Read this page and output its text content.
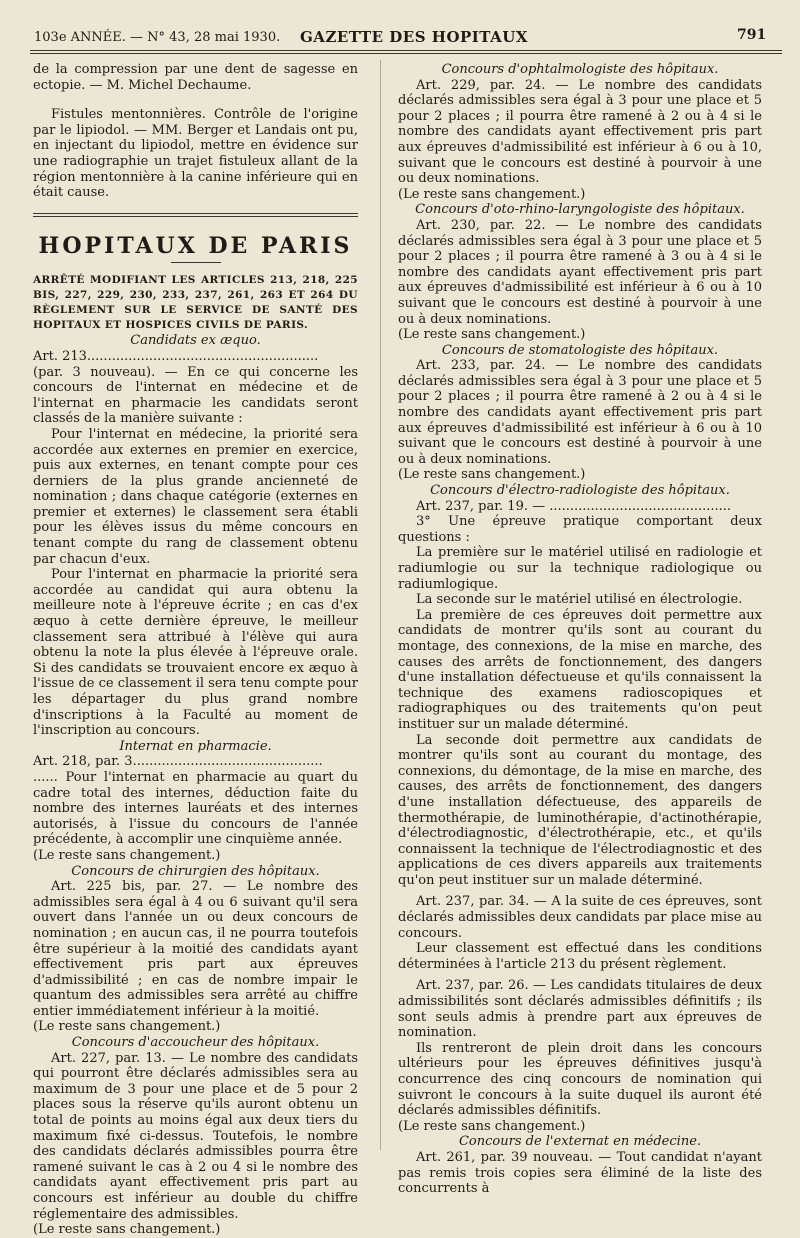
103e ANNÉE. — N° 43, 28 mai 1930. GAZETTE DES HOPITAUX	791

de la compression par une dent de sagesse en ectopie. — M. Michel Dechaume.

Fistules mentonnières. Contrôle de l'origine par le lipiodol. — MM. Berger et Landais ont pu, en injectant du lipiodol, mettre en évidence sur une radiographie un trajet fistuleux allant de la région mentonnière à la canine inférieure qui en était cause.

HOPITAUX DE PARIS

ARRÊTÉ MODIFIANT LES ARTICLES 213, 218, 225 BIS, 227, 229, 230, 233, 237, 261, 263 ET 264 DU RÈGLEMENT SUR LE SERVICE DE SANTÉ DES HOPITAUX ET HOSPICES CIVILS DE PARIS.

Candidats ex æquo.

Art. 213........................................................

(par. 3 nouveau). — En ce qui concerne les concours de l'internat en médecine et de l'internat en pharmacie les candidats seront classés de la manière suivante :

Pour l'internat en médecine, la priorité sera accordée aux externes en premier en exercice, puis aux externes, en tenant compte pour ces derniers de la plus grande ancienneté de nomination ; dans chaque catégorie (externes en premier et externes) le classement sera établi pour les élèves issus du même concours en tenant compte du rang de classement obtenu par chacun d'eux.

Pour l'internat en pharmacie la priorité sera accordée au candidat qui aura obtenu la meilleure note à l'épreuve écrite ; en cas d'ex æquo à cette dernière épreuve, le meilleur classement sera attribué à l'élève qui aura obtenu la note la plus élevée à l'épreuve orale. Si des candidats se trouvaient encore ex æquo à l'issue de ce classement il sera tenu compte pour les départager du plus grand nombre d'inscriptions à la Faculté au moment de l'inscription au concours.

Internat en pharmacie.

Art. 218, par. 3..............................................

...... Pour l'internat en pharmacie au quart du cadre total des internes, déduction faite du nombre des internes lauréats et des internes autorisés, à l'issue du concours de l'année précédente, à accomplir une cinquième année.

(Le reste sans changement.)

Concours de chirurgien des hôpitaux.

Art. 225 bis, par. 27. — Le nombre des admissibles sera égal à 4 ou 6 suivant qu'il sera ouvert dans l'année un ou deux concours de nomination ; en aucun cas, il ne pourra toutefois être supérieur à la moitié des candidats ayant effectivement pris part aux épreuves d'admissibilité ; en cas de nombre impair le quantum des admissibles sera arrêté au chiffre entier immédiatement inférieur à la moitié.

(Le reste sans changement.)

Concours d'accoucheur des hôpitaux.

Art. 227, par. 13. — Le nombre des candidats qui pourront être déclarés admissibles sera au maximum de 3 pour une place et de 5 pour 2 places sous la réserve qu'ils auront obtenu un total de points au moins égal aux deux tiers du maximum fixé ci-dessus. Toutefois, le nombre des candidats déclarés admissibles pourra être ramené suivant le cas à 2 ou 4 si le nombre des candidats ayant effectivement pris part au concours est inférieur au double du chiffre réglementaire des admissibles.

(Le reste sans changement.)

Concours d'ophtalmologiste des hôpitaux.

Art. 229, par. 24. — Le nombre des candidats déclarés admissibles sera égal à 3 pour une place et 5 pour 2 places ; il pourra être ramené à 2 ou à 4 si le nombre des candidats ayant effectivement pris part aux épreuves d'admissibilité est inférieur à 6 ou à 10, suivant que le concours est destiné à pourvoir à une ou deux nominations.

(Le reste sans changement.)

Concours d'oto-rhino-laryngologiste des hôpitaux.

Art. 230, par. 22. — Le nombre des candidats déclarés admissibles sera égal à 3 pour une place et 5 pour 2 places ; il pourra être ramené à 3 ou à 4 si le nombre des candidats ayant effectivement pris part aux épreuves d'admissibilité est inférieur à 6 ou à 10 suivant que le concours est destiné à pourvoir à une ou à deux nominations.

(Le reste sans changement.)

Concours de stomatologiste des hôpitaux.

Art. 233, par. 24. — Le nombre des candidats déclarés admissibles sera égal à 3 pour une place et 5 pour 2 places ; il pourra être ramené à 2 ou à 4 si le nombre des candidats ayant effectivement pris part aux épreuves d'admissibilité est inférieur à 6 ou à 10 suivant que le concours est destiné à pourvoir à une ou à deux nominations.

(Le reste sans changement.)

Concours d'électro-radiologiste des hôpitaux.

Art. 237, par. 19. — ............................................

3° Une épreuve pratique comportant deux questions :

La première sur le matériel utilisé en radiologie et radiumlogie ou sur la technique radiologique ou radiumlogique.

La seconde sur le matériel utilisé en électrologie.

La première de ces épreuves doit permettre aux candidats de montrer qu'ils sont au courant du montage, des connexions, de la mise en marche, des causes des arrêts de fonctionnement, des dangers d'une installation défectueuse et qu'ils connaissent la technique des examens radioscopiques et radiographiques ou des traitements qu'on peut instituer sur un malade déterminé.

La seconde doit permettre aux candidats de montrer qu'ils sont au courant du montage, des connexions, du démontage, de la mise en marche, des causes, des arrêts de fonctionnement, des dangers d'une installation défectueuse, des appareils de thermothérapie, de luminothérapie, d'actinothérapie, d'électrodiagnostic, d'électrothérapie, etc., et qu'ils connaissent la technique de l'électrodiagnostic et des applications de ces divers appareils aux traitements qu'on peut instituer sur un malade déterminé.

Art. 237, par. 34. — A la suite de ces épreuves, sont déclarés admissibles deux candidats par place mise au concours.

Leur classement est effectué dans les conditions déterminées à l'article 213 du présent règlement.

Art. 237, par. 26. — Les candidats titulaires de deux admissibilités sont déclarés admissibles définitifs ; ils sont seuls admis à prendre part aux épreuves de nomination.

Ils rentreront de plein droit dans les concours ultérieurs pour les épreuves définitives jusqu'à concurrence des cinq concours de nomination qui suivront le concours à la suite duquel ils auront été déclarés admissibles définitifs.

(Le reste sans changement.)

Concours de l'externat en médecine.

Art. 261, par. 39 nouveau. — Tout candidat n'ayant pas remis trois copies sera éliminé de la liste des concurrents à
